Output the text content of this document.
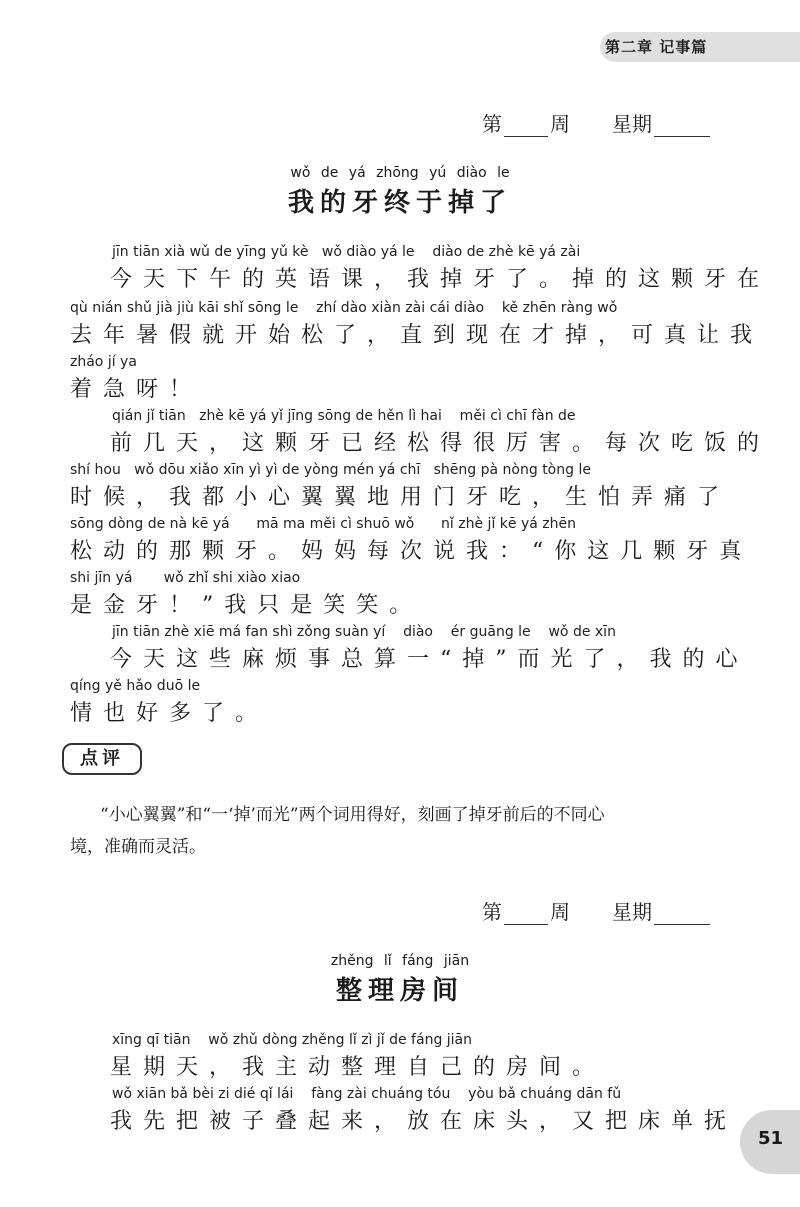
第二章 记事篇
第 周 星期
wǒ de yá zhōng yú diào le
我的牙终于掉了
jīn tiān xià wǔ de yīng yǔ kè   wǒ diào yá le    diào de zhè kē yá zài
今天下午的英语课，我掉牙了。掉的这颗牙在
qù nián shǔ jià jiù kāi shǐ sōng le    zhí dào xiàn zài cái diào    kě zhēn ràng wǒ
去年暑假就开始松了，直到现在才掉，可真让我
zháo jí ya
着急呀！
qián jǐ tiān   zhè kē yá yǐ jīng sōng de hěn lì hai    měi cì chī fàn de
前几天，这颗牙已经松得很厉害。每次吃饭的
shí hou   wǒ dōu xiǎo xīn yì yì de yòng mén yá chī   shēng pà nòng tòng le
时候，我都小心翼翼地用门牙吃，生怕弄痛了
sōng dòng de nà kē yá      mā ma měi cì shuō wǒ      nǐ zhè jǐ kē yá zhēn
松动的那颗牙。妈妈每次说我：“你这几颗牙真
shi jīn yá       wǒ zhǐ shi xiào xiao
是金牙！”我只是笑笑。
jīn tiān zhè xiē má fan shì zǒng suàn yí    diào    ér guāng le    wǒ de xīn
今天这些麻烦事总算一“掉”而光了，我的心
qíng yě hǎo duō le
情也好多了。
点评
“小心翼翼”和“一‘掉’而光”两个词用得好，刻画了掉牙前后的不同心
境，准确而灵活。
第 周 星期
zhěng lǐ fáng jiān
整理房间
xīng qī tiān    wǒ zhǔ dòng zhěng lǐ zì jǐ de fáng jiān
星期天，我主动整理自己的房间。
wǒ xiān bǎ bèi zi dié qǐ lái    fàng zài chuáng tóu    yòu bǎ chuáng dān fǔ
我先把被子叠起来，放在床头，又把床单抚
51
